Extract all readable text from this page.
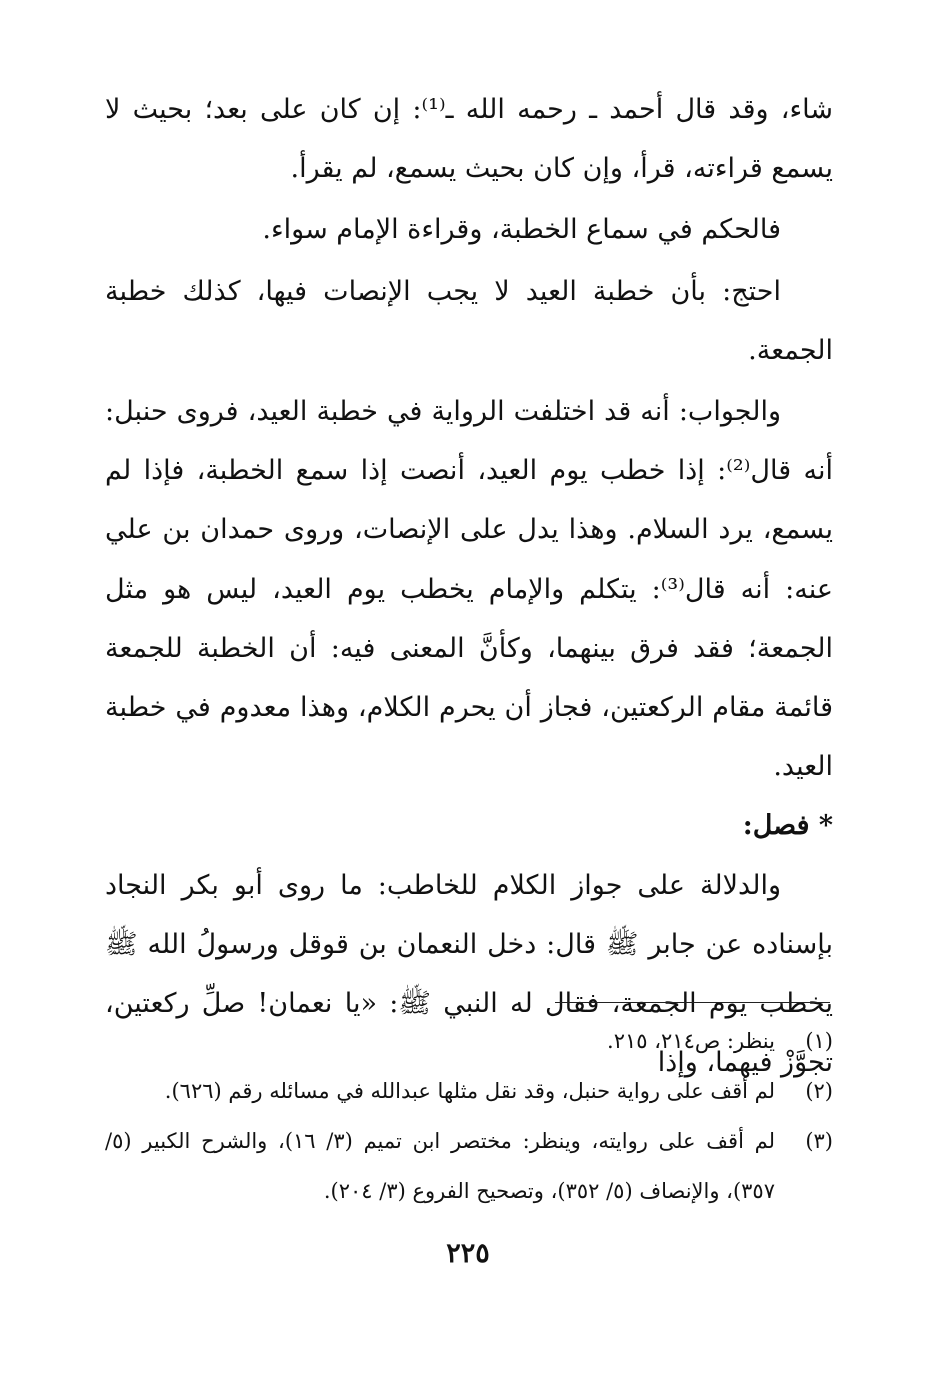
شاء، وقد قال أحمد ـ رحمه الله ـ⁽¹⁾: إن كان على بعد؛ بحيث لا يسمع قراءته، قرأ، وإن كان بحيث يسمع، لم يقرأ.

فالحكم في سماع الخطبة، وقراءة الإمام سواء.

احتج: بأن خطبة العيد لا يجب الإنصات فيها، كذلك خطبة الجمعة.

والجواب: أنه قد اختلفت الرواية في خطبة العيد، فروى حنبل: أنه قال⁽²⁾: إذا خطب يوم العيد، أنصت إذا سمع الخطبة، فإذا لم يسمع، يرد السلام. وهذا يدل على الإنصات، وروى حمدان بن علي عنه: أنه قال⁽³⁾: يتكلم والإمام يخطب يوم العيد، ليس هو مثل الجمعة؛ فقد فرق بينهما، وكأنَّ المعنى فيه: أن الخطبة للجمعة قائمة مقام الركعتين، فجاز أن يحرم الكلام، وهذا معدوم في خطبة العيد.

* فصل:

والدلالة على جواز الكلام للخاطب: ما روى أبو بكر النجاد بإسناده عن جابر ﷺ قال: دخل النعمان بن قوقل ورسولُ الله ﷺ يخطب يوم الجمعة، فقال له النبي ﷺ: «يا نعمان! صلِّ ركعتين، تجوَّزْ فيهما، وإذا

(١)
ينظر: ص٢١٤، ٢١٥.
(٢)
لم أقف على رواية حنبل، وقد نقل مثلها عبدالله في مسائله رقم (٦٢٦).
(٣)
لم أقف على روايته، وينظر: مختصر ابن تميم (٣/ ١٦)، والشرح الكبير (٥/ ٣٥٧)، والإنصاف (٥/ ٣٥٢)، وتصحيح الفروع (٣/ ٢٠٤).
٢٢٥
